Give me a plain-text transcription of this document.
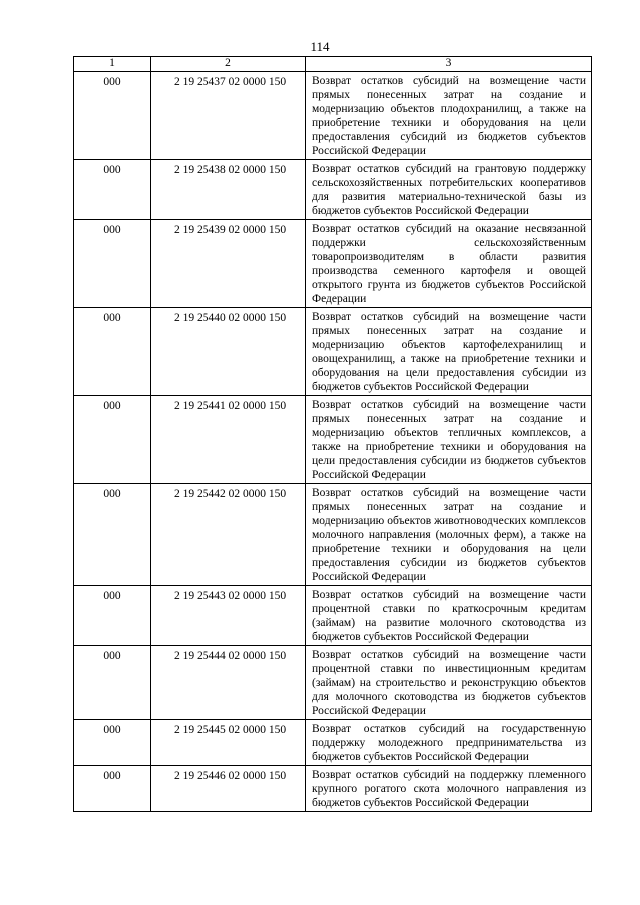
114
1	2	3
000	2 19 25437 02 0000 150	Возврат остатков субсидий на возмещение части прямых понесенных затрат на создание и модернизацию объектов плодохранилищ, а также на приобретение техники и оборудования на цели предоставления субсидий из бюджетов субъектов Российской Федерации
000	2 19 25438 02 0000 150	Возврат остатков субсидий на грантовую поддержку сельскохозяйственных потребительских кооперативов для развития материально-технической базы из бюджетов субъектов Российской Федерации
000	2 19 25439 02 0000 150	Возврат остатков субсидий на оказание несвязанной поддержки сельскохозяйственным товаропроизводителям в области развития производства семенного картофеля и овощей открытого грунта из бюджетов субъектов Российской Федерации
000	2 19 25440 02 0000 150	Возврат остатков субсидий на возмещение части прямых понесенных затрат на создание и модернизацию объектов картофелехранилищ и овощехранилищ, а также на приобретение техники и оборудования на цели предоставления субсидии из бюджетов субъектов Российской Федерации
000	2 19 25441 02 0000 150	Возврат остатков субсидий на возмещение части прямых понесенных затрат на создание и модернизацию объектов тепличных комплексов, а также на приобретение техники и оборудования на цели предоставления субсидии из бюджетов субъектов Российской Федерации
000	2 19 25442 02 0000 150	Возврат остатков субсидий на возмещение части прямых понесенных затрат на создание и модернизацию объектов животноводческих комплексов молочного направления (молочных ферм), а также на приобретение техники и оборудования на цели предоставления субсидии из бюджетов субъектов Российской Федерации
000	2 19 25443 02 0000 150	Возврат остатков субсидий на возмещение части процентной ставки по краткосрочным кредитам (займам) на развитие молочного скотоводства из бюджетов субъектов Российской Федерации
000	2 19 25444 02 0000 150	Возврат остатков субсидий на возмещение части процентной ставки по инвестиционным кредитам (займам) на строительство и реконструкцию объектов для молочного скотоводства из бюджетов субъектов Российской Федерации
000	2 19 25445 02 0000 150	Возврат остатков субсидий на государственную поддержку молодежного предпринимательства из бюджетов субъектов Российской Федерации
000	2 19 25446 02 0000 150	Возврат остатков субсидий на поддержку племенного крупного рогатого скота молочного направления из бюджетов субъектов Российской Федерации
